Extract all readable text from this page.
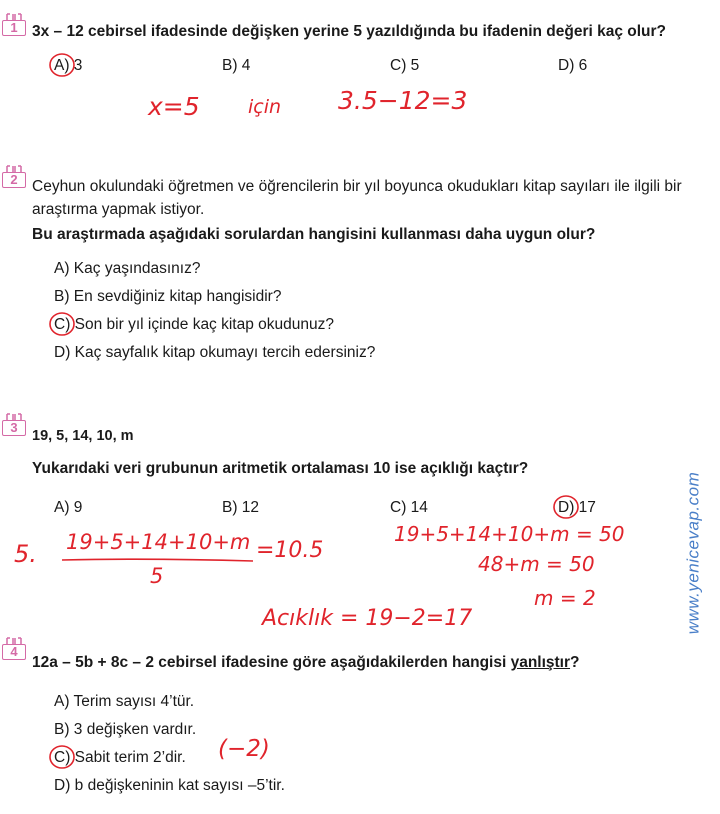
1 3x – 12 cebirsel ifadesinde değişken yerine 5 yazıldığında bu ifadenin değeri kaç olur?
A) 3	B) 4	C) 5	D) 6
2 Ceyhun okulundaki öğretmen ve öğrencilerin bir yıl boyunca okudukları kitap sayıları ile ilgili bir araştırma yapmak istiyor.
Bu araştırmada aşağıdaki sorulardan hangisini kullanması daha uygun olur?
A) Kaç yaşındasınız?
B) En sevdiğiniz kitap hangisidir?
C) Son bir yıl içinde kaç kitap okudunuz?
D) Kaç sayfalık kitap okumayı tercih edersiniz?
3
19, 5, 14, 10, m
Yukarıdaki veri grubunun aritmetik ortalaması 10 ise açıklığı kaçtır?
A) 9	B) 12	C) 14	D) 17
4
12a – 5b + 8c – 2 cebirsel ifadesine göre aşağıdakilerden hangisi yanlıştır?
A) Terim sayısı 4’tür.
B) 3 değişken vardır.
C) Sabit terim 2’dir.
D) b değişkeninin kat sayısı –5’tir.
x=5	için 3.5−12=3
5. 19+5+14+10+m
5
=10.5
19+5+14+10+m = 50
48+m = 50
m = 2
Acıklık = 19−2=17
(−2)
www.yenicevap.com
